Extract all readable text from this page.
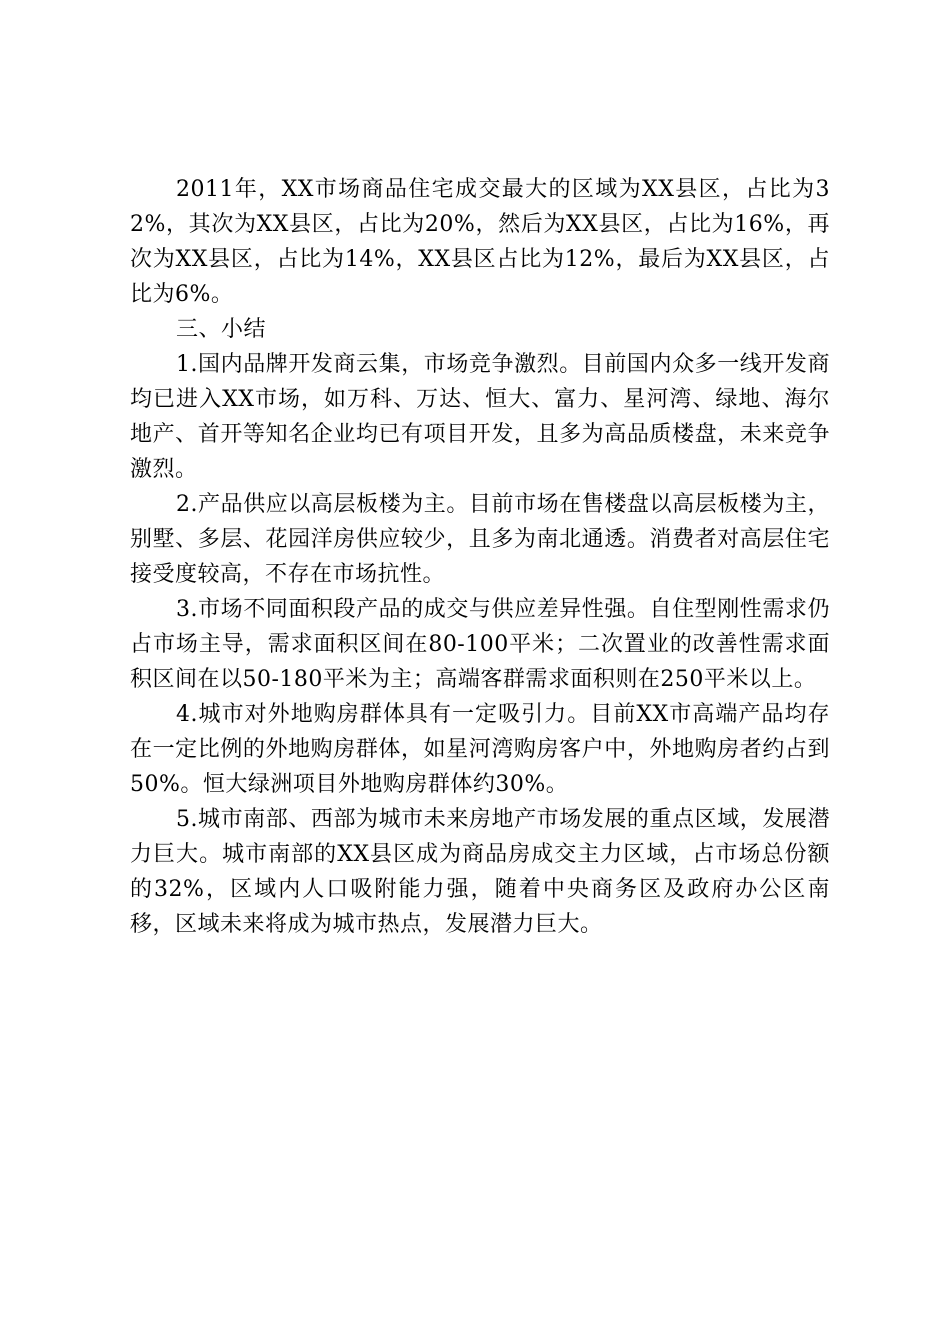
2011年，XX市场商品住宅成交最大的区域为XX县区，占比为32%，其次为XX县区，占比为20%，然后为XX县区，占比为16%，再次为XX县区，占比为14%，XX县区占比为12%，最后为XX县区，占比为6%。

三、小结

1.国内品牌开发商云集，市场竞争激烈。目前国内众多一线开发商均已进入XX市场，如万科、万达、恒大、富力、星河湾、绿地、海尔地产、首开等知名企业均已有项目开发，且多为高品质楼盘，未来竞争激烈。

2.产品供应以高层板楼为主。目前市场在售楼盘以高层板楼为主，别墅、多层、花园洋房供应较少，且多为南北通透。消费者对高层住宅接受度较高，不存在市场抗性。

3.市场不同面积段产品的成交与供应差异性强。自住型刚性需求仍占市场主导，需求面积区间在80-100平米；二次置业的改善性需求面积区间在以50-180平米为主；高端客群需求面积则在250平米以上。

4.城市对外地购房群体具有一定吸引力。目前XX市高端产品均存在一定比例的外地购房群体，如星河湾购房客户中，外地购房者约占到50%。恒大绿洲项目外地购房群体约30%。

5.城市南部、西部为城市未来房地产市场发展的重点区域，发展潜力巨大。城市南部的XX县区成为商品房成交主力区域，占市场总份额的32%，区域内人口吸附能力强，随着中央商务区及政府办公区南移，区域未来将成为城市热点，发展潜力巨大。
